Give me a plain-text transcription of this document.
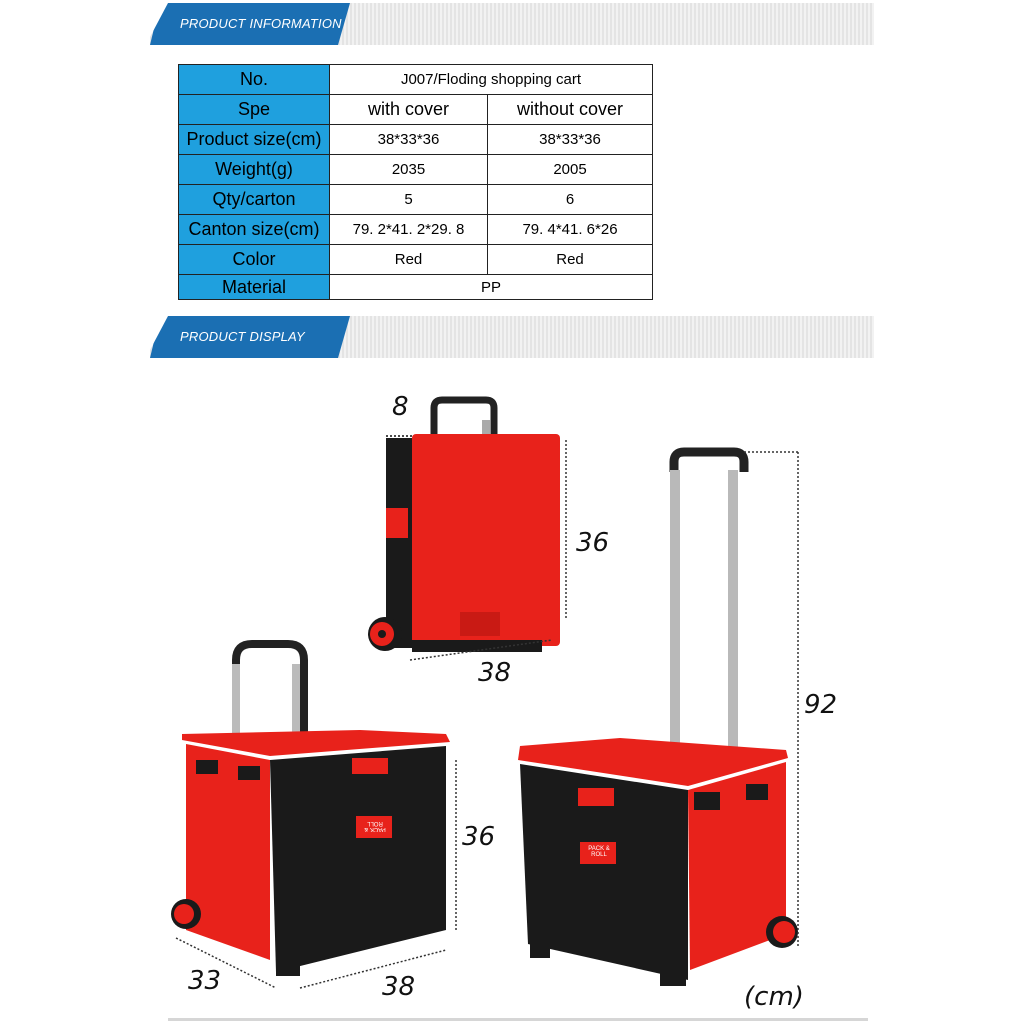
PRODUCT INFORMATION
No.	J007/Floding shopping cart	
Spe	with cover	without cover
Product size(cm)	38*33*36	38*33*36
Weight(g)	2035	2005
Qty/carton	5	6
Canton size(cm)	79. 2*41. 2*29. 8	79. 4*41. 6*26
Color	Red	Red
Material	PP	
PRODUCT DISPLAY
PACK & ROLL
PACK & ROLL
8
36
38
36
33	38
92
(cm)
